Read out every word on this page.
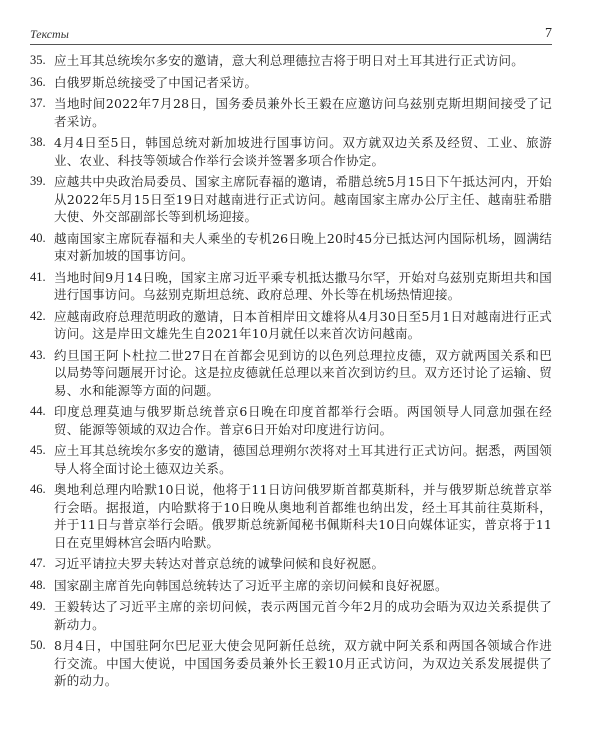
Тексты	7
35. 应土耳其总统埃尔多安的邀请，意大利总理德拉吉将于明日对土耳其进行正式访问。
36. 白俄罗斯总统接受了中国记者采访。
37. 当地时间2022年7月28日，国务委员兼外长王毅在应邀访问乌兹别克斯坦期间接受了记者采访。
38. 4月4日至5日，韩国总统对新加坡进行国事访问。双方就双边关系及经贸、工业、旅游业、农业、科技等领域合作举行会谈并签署多项合作协定。
39. 应越共中央政治局委员、国家主席阮春福的邀请，希腊总统5月15日下午抵达河内，开始从2022年5月15日至19日对越南进行正式访问。越南国家主席办公厅主任、越南驻希腊大使、外交部副部长等到机场迎接。
40. 越南国家主席阮春福和夫人乘坐的专机26日晚上20时45分已抵达河内国际机场，圆满结束对新加坡的国事访问。
41. 当地时间9月14日晚，国家主席习近平乘专机抵达撒马尔罕，开始对乌兹别克斯坦共和国进行国事访问。乌兹别克斯坦总统、政府总理、外长等在机场热情迎接。
42. 应越南政府总理范明政的邀请，日本首相岸田文雄将从4月30日至5月1日对越南进行正式访问。这是岸田文雄先生自2021年10月就任以来首次访问越南。
43. 约旦国王阿卜杜拉二世27日在首都会见到访的以色列总理拉皮德，双方就两国关系和巴以局势等问题展开讨论。这是拉皮德就任总理以来首次到访约旦。双方还讨论了运输、贸易、水和能源等方面的问题。
44. 印度总理莫迪与俄罗斯总统普京6日晚在印度首都举行会晤。两国领导人同意加强在经贸、能源等领域的双边合作。普京6日开始对印度进行访问。
45. 应土耳其总统埃尔多安的邀请，德国总理朔尔茨将对土耳其进行正式访问。据悉，两国领导人将全面讨论土德双边关系。
46. 奥地利总理内哈默10日说，他将于11日访问俄罗斯首都莫斯科，并与俄罗斯总统普京举行会晤。据报道，内哈默将于10日晚从奥地利首都维也纳出发，经土耳其前往莫斯科，并于11日与普京举行会晤。俄罗斯总统新闻秘书佩斯科夫10日向媒体证实，普京将于11日在克里姆林宫会晤内哈默。
47. 习近平请拉夫罗夫转达对普京总统的诚挚问候和良好祝愿。
48. 国家副主席首先向韩国总统转达了习近平主席的亲切问候和良好祝愿。
49. 王毅转达了习近平主席的亲切问候，表示两国元首今年2月的成功会晤为双边关系提供了新动力。
50. 8月4日，中国驻阿尔巴尼亚大使会见阿新任总统，双方就中阿关系和两国各领域合作进行交流。中国大使说，中国国务委员兼外长王毅10月正式访问，为双边关系发展提供了新的动力。
